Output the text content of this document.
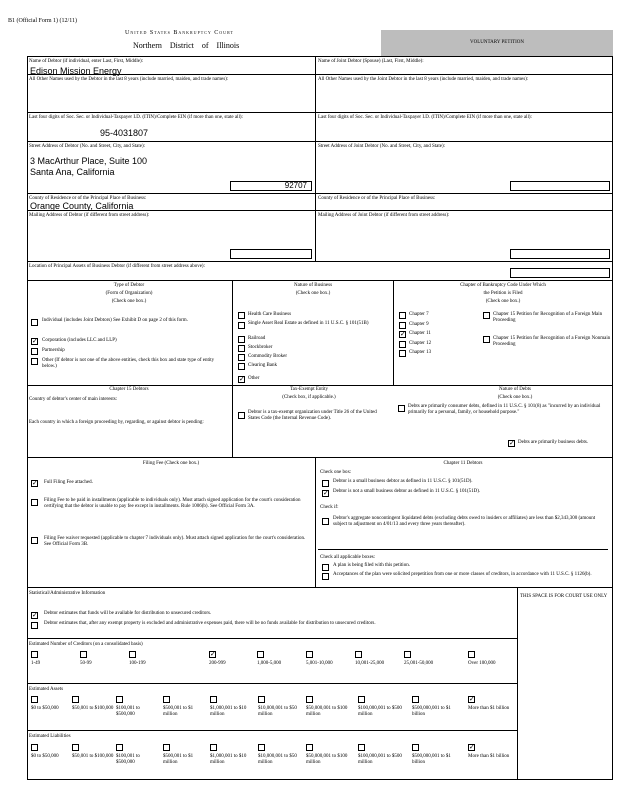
B1 (Official Form 1) (12/11)
United States Bankruptcy Court
Northern District of Illinois	VOLUNTARY PETITION
Name of Debtor (if individual, enter Last, First, Middle):
Edison Mission Energy
Name of Joint Debtor (Spouse) (Last, First, Middle):
All Other Names used by the Debtor in the last 8 years (include married, maiden, and trade names):	All Other Names used by the Joint Debtor in the last 8 years (include married, maiden, and trade names):
Last four digits of Soc. Sec. or Individual-Taxpayer I.D. (ITIN)/Complete EIN (if more than one, state all):
95-4031807
Last four digits of Soc. Sec. or Individual-Taxpayer I.D. (ITIN)/Complete EIN (if more than one, state all):
Street Address of Debtor (No. and Street, City, and State):
3 MacArthur Place, Suite 100
Santa Ana, California
92707
Street Address of Joint Debtor (No. and Street, City, and State):
County of Residence or of the Principal Place of Business:
Orange County, California
County of Residence or of the Principal Place of Business:
Mailing Address of Debtor (if different from street address):	Mailing Address of Joint Debtor (if different from street address):
Location of Principal Assets of Business Debtor (if different from street address above):
Type of Debtor
(Form of Organization)
(Check one box.)
Individual (includes Joint Debtors) See Exhibit D on page 2 of this form.
✓ Corporation (includes LLC and LLP)
Partnership
Other (If debtor is not one of the above entities, check this box and state type of entity below.)
Nature of Business
(Check one box.)
Health Care Business
Single Asset Real Estate as defined in 11 U.S.C. § 101(51B)
Railroad
Stockbroker
Commodity Broker
Clearing Bank
✓ Other
Chapter of Bankruptcy Code Under Which
the Petition is Filed
(Check one box.)
Chapter 7
Chapter 9
✓ Chapter 11
Chapter 12
Chapter 13
Chapter 15 Petition for Recognition of a Foreign Main Proceeding
Chapter 15 Petition for Recognition of a Foreign Nonmain Proceeding
Chapter 15 Debtors
Country of debtor's center of main interests:
Each country in which a foreign proceeding by, regarding, or against debtor is pending:
Tax-Exempt Entity
(Check box, if applicable.)
Debtor is a tax-exempt organization under Title 26 of the United States Code (the Internal Revenue Code).
Nature of Debts
(Check one box.)
Debts are primarily consumer debts, defined in 11 U.S.C. § 101(8) as "incurred by an individual primarily for a personal, family, or household purpose."
✓ Debts are primarily business debts.
Filing Fee (Check one box.)
✓ Full Filing Fee attached.
Filing Fee to be paid in installments (applicable to individuals only). Must attach signed application for the court's consideration certifying that the debtor is unable to pay fee except in installments. Rule 1006(b). See Official Form 3A.
Filing Fee waiver requested (applicable to chapter 7 individuals only). Must attach signed application for the court's consideration. See Official Form 3B.
Chapter 11 Debtors
Check one box:
Debtor is a small business debtor as defined in 11 U.S.C. § 101(51D).
✓ Debtor is not a small business debtor as defined in 11 U.S.C. § 101(51D).
Check if:
Debtor's aggregate noncontingent liquidated debts (excluding debts owed to insiders or affiliates) are less than $2,343,300 (amount subject to adjustment on 4/01/13 and every three years thereafter).
Check all applicable boxes:
A plan is being filed with this petition.
Acceptances of the plan were solicited prepetition from one or more classes of creditors, in accordance with 11 U.S.C. § 1126(b).
Statistical/Administrative Information
THIS SPACE IS FOR COURT USE ONLY
✓ Debtor estimates that funds will be available for distribution to unsecured creditors.
Debtor estimates that, after any exempt property is excluded and administrative expenses paid, there will be no funds available for distribution to unsecured creditors.
Estimated Number of Creditors (on a consolidated basis)
1-49	50-99	100-199
✓
200-999	1,000-5,000	5,001-10,000	10,001-25,000	25,001-50,000	Over 100,000
Estimated Assets
$0 to $50,000	$50,001 to $100,000 $100,001 to $500,000
$500,001 to $1 million
$1,000,001 to $10 million
$10,000,001 to $50 million
$50,000,001 to $100 million
$100,000,001 to $500 million
$500,000,001 to $1 billion
✓
More than $1 billion
Estimated Liabilities
$0 to $50,000	$50,001 to $100,000 $100,001 to $500,000
$500,001 to $1 million
$1,000,001 to $10 million
$10,000,001 to $50 million
$50,000,001 to $100 million
$100,000,001 to $500 million
$500,000,001 to $1 billion
✓
More than $1 billion
